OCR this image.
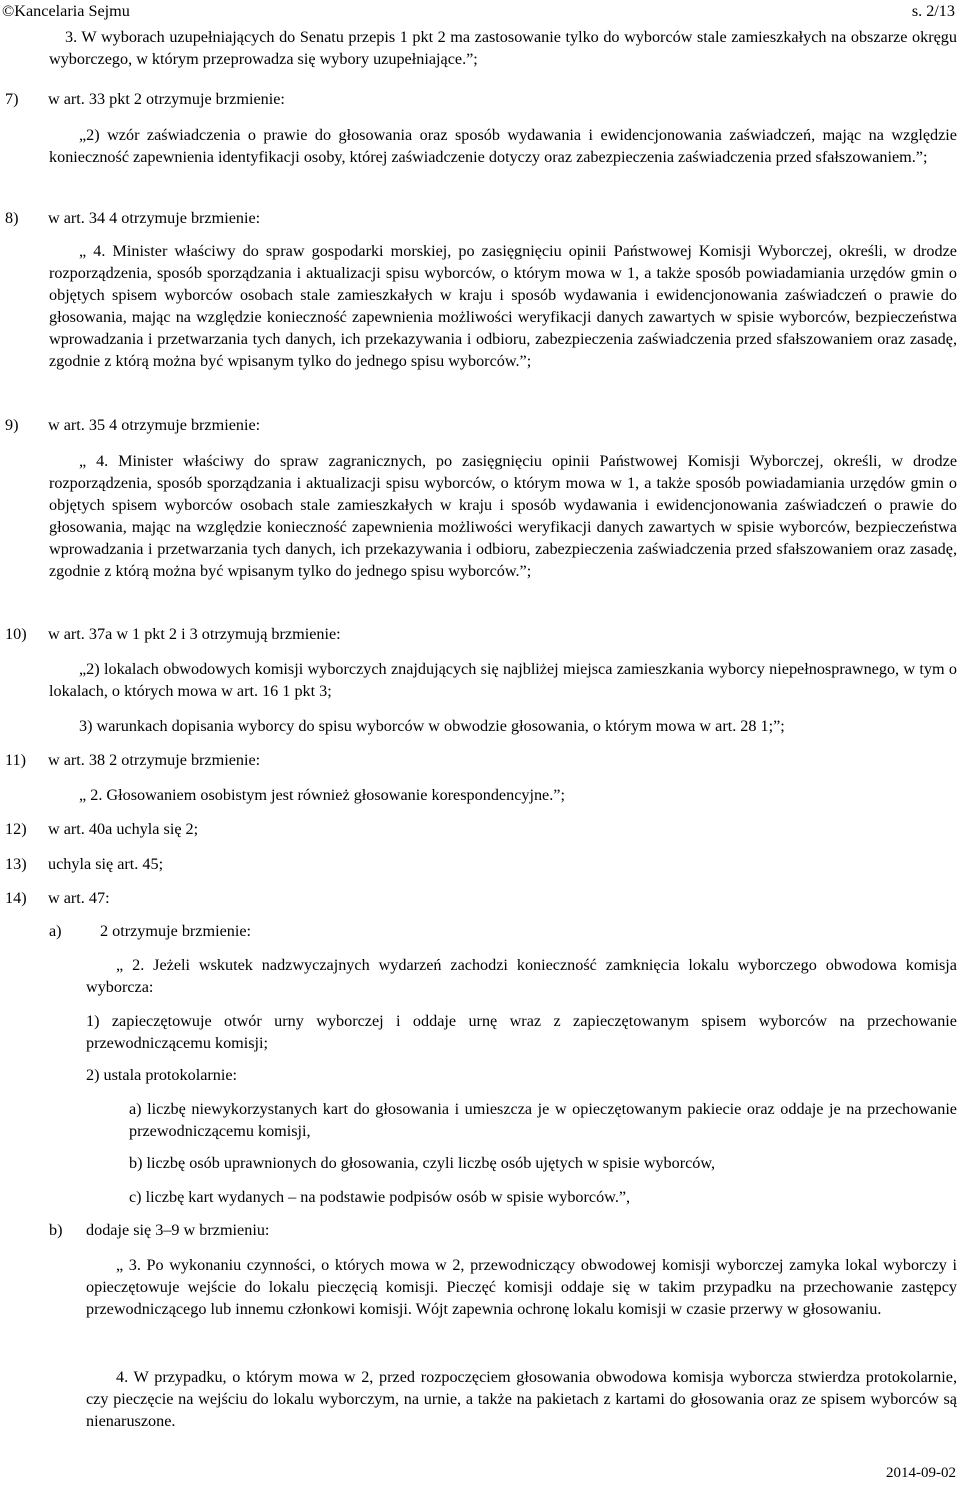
©Kancelaria Sejmu	s. 2/13
3. W wyborach uzupełniających do Senatu przepis 1 pkt 2 ma zastosowanie tylko do wyborców stale zamieszkałych na obszarze okręgu wyborczego, w którym przeprowadza się wybory uzupełniające.”;
7) w art. 33 pkt 2 otrzymuje brzmienie:
„2) wzór zaświadczenia o prawie do głosowania oraz sposób wydawania i ewidencjonowania zaświadczeń, mając na względzie konieczność zapewnienia identyfikacji osoby, której zaświadczenie dotyczy oraz zabezpieczenia zaświadczenia przed sfałszowaniem.”;
8) w art. 34 4 otrzymuje brzmienie:
„ 4. Minister właściwy do spraw gospodarki morskiej, po zasięgnięciu opinii Państwowej Komisji Wyborczej, określi, w drodze rozporządzenia, sposób sporządzania i aktualizacji spisu wyborców, o którym mowa w 1, a także sposób powiadamiania urzędów gmin o objętych spisem wyborców osobach stale zamieszkałych w kraju i sposób wydawania i ewidencjonowania zaświadczeń o prawie do głosowania, mając na względzie konieczność zapewnienia możliwości weryfikacji danych zawartych w spisie wyborców, bezpieczeństwa wprowadzania i przetwarzania tych danych, ich przekazywania i odbioru, zabezpieczenia zaświadczenia przed sfałszowaniem oraz zasadę, zgodnie z którą można być wpisanym tylko do jednego spisu wyborców.”;
9) w art. 35 4 otrzymuje brzmienie:
„ 4. Minister właściwy do spraw zagranicznych, po zasięgnięciu opinii Państwowej Komisji Wyborczej, określi, w drodze rozporządzenia, sposób sporządzania i aktualizacji spisu wyborców, o którym mowa w 1, a także sposób powiadamiania urzędów gmin o objętych spisem wyborców osobach stale zamieszkałych w kraju i sposób wydawania i ewidencjonowania zaświadczeń o prawie do głosowania, mając na względzie konieczność zapewnienia możliwości weryfikacji danych zawartych w spisie wyborców, bezpieczeństwa wprowadzania i przetwarzania tych danych, ich przekazywania i odbioru, zabezpieczenia zaświadczenia przed sfałszowaniem oraz zasadę, zgodnie z którą można być wpisanym tylko do jednego spisu wyborców.”;
10) w art. 37a w 1 pkt 2 i 3 otrzymują brzmienie:
„2) lokalach obwodowych komisji wyborczych znajdujących się najbliżej miejsca zamieszkania wyborcy niepełnosprawnego, w tym o lokalach, o których mowa w art. 16 1 pkt 3;
3) warunkach dopisania wyborcy do spisu wyborców w obwodzie głosowania, o którym mowa w art. 28 1;”;
11) w art. 38 2 otrzymuje brzmienie:
„ 2. Głosowaniem osobistym jest również głosowanie korespondencyjne.”;
12) w art. 40a uchyla się 2;
13) uchyla się art. 45;
14) w art. 47:
a) 2 otrzymuje brzmienie:
„ 2. Jeżeli wskutek nadzwyczajnych wydarzeń zachodzi konieczność zamknięcia lokalu wyborczego obwodowa komisja wyborcza:
1) zapieczętowuje otwór urny wyborczej i oddaje urnę wraz z zapieczętowanym spisem wyborców na przechowanie przewodniczącemu komisji;
2) ustala protokolarnie:
a) liczbę niewykorzystanych kart do głosowania i umieszcza je w opieczętowanym pakiecie oraz oddaje je na przechowanie przewodniczącemu komisji,
b) liczbę osób uprawnionych do głosowania, czyli liczbę osób ujętych w spisie wyborców,
c) liczbę kart wydanych – na podstawie podpisów osób w spisie wyborców.”,
b) dodaje się 3–9 w brzmieniu:
„ 3. Po wykonaniu czynności, o których mowa w 2, przewodniczący obwodowej komisji wyborczej zamyka lokal wyborczy i opieczętowuje wejście do lokalu pieczęcią komisji. Pieczęć komisji oddaje się w takim przypadku na przechowanie zastępcy przewodniczącego lub innemu członkowi komisji. Wójt zapewnia ochronę lokalu komisji w czasie przerwy w głosowaniu.
4. W przypadku, o którym mowa w 2, przed rozpoczęciem głosowania obwodowa komisja wyborcza stwierdza protokolarnie, czy pieczęcie na wejściu do lokalu wyborczym, na urnie, a także na pakietach z kartami do głosowania oraz ze spisem wyborców są nienaruszone.
2014-09-02
